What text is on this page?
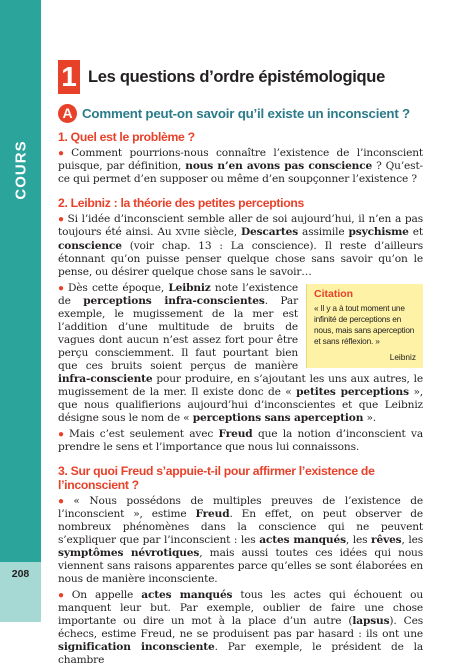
COURS
208
1 Les questions d’ordre épistémologique
A Comment peut-on savoir qu’il existe un inconscient ?
1. Quel est le problème ?
● Comment pourrions-nous connaître l’existence de l’inconscient puisque, par définition, nous n’en avons pas conscience ? Qu’est-ce qui permet d’en supposer ou même d’en soupçonner l’existence ?
2. Leibniz : la théorie des petites perceptions
● Si l’idée d’inconscient semble aller de soi aujourd’hui, il n’en a pas toujours été ainsi. Au XVIIe siècle, Descartes assimile psychisme et conscience (voir chap. 13 : La conscience). Il reste d’ailleurs étonnant qu’on puisse penser quelque chose sans savoir qu’on le pense, ou désirer quelque chose sans le savoir…
Citation
« Il y a à tout moment une infinité de perceptions en nous, mais sans aperception et sans réflexion. »
Leibniz
● Dès cette époque, Leibniz note l’existence de perceptions infra-conscientes. Par exemple, le mugissement de la mer est l’addition d’une multitude de bruits de vagues dont aucun n’est assez fort pour être perçu consciemment. Il faut pourtant bien que ces bruits soient perçus de manière infra-consciente pour produire, en s’ajoutant les uns aux autres, le mugissement de la mer. Il existe donc de « petites perceptions », que nous qualifierions aujourd’hui d’inconscientes et que Leibniz désigne sous le nom de « perceptions sans aperception ».
● Mais c’est seulement avec Freud que la notion d’inconscient va prendre le sens et l’importance que nous lui connaissons.
3. Sur quoi Freud s’appuie-t-il pour affirmer l’existence de l’inconscient ?
● « Nous possédons de multiples preuves de l’existence de l’inconscient », estime Freud. En effet, on peut observer de nombreux phénomènes dans la conscience qui ne peuvent s’expliquer que par l’inconscient : les actes manqués, les rêves, les symptômes névrotiques, mais aussi toutes ces idées qui nous viennent sans raisons apparentes parce qu’elles se sont élaborées en nous de manière inconsciente.
● On appelle actes manqués tous les actes qui échouent ou manquent leur but. Par exemple, oublier de faire une chose importante ou dire un mot à la place d’un autre (lapsus). Ces échecs, estime Freud, ne se produisent pas par hasard : ils ont une signification inconsciente. Par exemple, le président de la chambre
